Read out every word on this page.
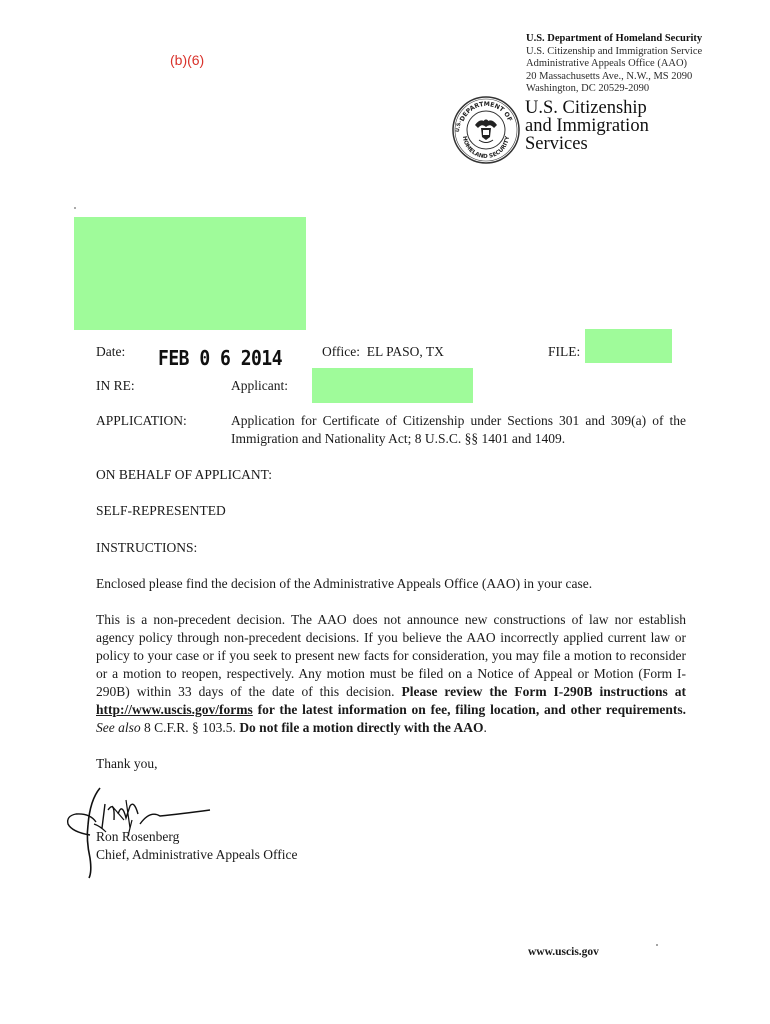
(b)(6)
U.S. Department of Homeland Security
U.S. Citizenship and Immigration Service
Administrative Appeals Office (AAO)
20 Massachusetts Ave., N.W., MS 2090
Washington, DC 20529-2090
DEPARTMENT OF
HOMELAND SECURITY
U.S.
U.S. Citizenship
and Immigration
Services
Date: FEB 0 6 2014	Office: EL PASO, TX	FILE:
IN RE:	Applicant:
APPLICATION:	Application for Certificate of Citizenship under Sections 301 and 309(a) of the
Immigration and Nationality Act; 8 U.S.C. §§ 1401 and 1409.
ON BEHALF OF APPLICANT:
SELF-REPRESENTED
INSTRUCTIONS:
Enclosed please find the decision of the Administrative Appeals Office (AAO) in your case.
This is a non-precedent decision. The AAO does not announce new constructions of law nor establish agency policy through non-precedent decisions. If you believe the AAO incorrectly applied current law or policy to your case or if you seek to present new facts for consideration, you may file a motion to reconsider or a motion to reopen, respectively. Any motion must be filed on a Notice of Appeal or Motion (Form I-290B) within 33 days of the date of this decision. Please review the Form I-290B instructions at http://www.uscis.gov/forms for the latest information on fee, filing location, and other requirements. See also 8 C.F.R. § 103.5. Do not file a motion directly with the AAO.
Thank you,
Ron Rosenberg
Chief, Administrative Appeals Office
www.uscis.gov
